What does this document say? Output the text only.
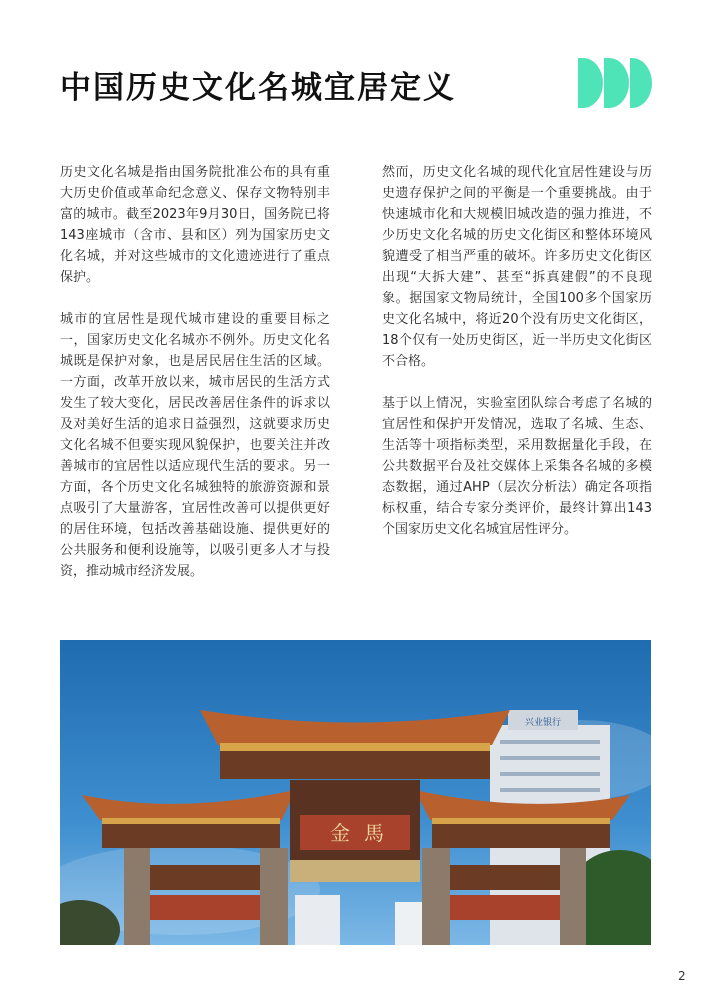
中国历史文化名城宜居定义

历史文化名城是指由国务院批准公布的具有重大历史价值或革命纪念意义、保存文物特别丰富的城市。截至2023年9月30日，国务院已将143座城市（含市、县和区）列为国家历史文化名城，并对这些城市的文化遗迹进行了重点保护。

城市的宜居性是现代城市建设的重要目标之一，国家历史文化名城亦不例外。历史文化名城既是保护对象，也是居民居住生活的区域。一方面，改革开放以来，城市居民的生活方式发生了较大变化，居民改善居住条件的诉求以及对美好生活的追求日益强烈，这就要求历史文化名城不但要实现风貌保护，也要关注并改善城市的宜居性以适应现代生活的要求。另一方面，各个历史文化名城独特的旅游资源和景点吸引了大量游客，宜居性改善可以提供更好的居住环境，包括改善基础设施、提供更好的公共服务和便利设施等，以吸引更多人才与投资，推动城市经济发展。

然而，历史文化名城的现代化宜居性建设与历史遗存保护之间的平衡是一个重要挑战。由于快速城市化和大规模旧城改造的强力推进，不少历史文化名城的历史文化街区和整体环境风貌遭受了相当严重的破坏。许多历史文化街区出现“大拆大建”、甚至“拆真建假”的不良现象。据国家文物局统计，全国100多个国家历史文化名城中，将近20个没有历史文化街区，18个仅有一处历史街区，近一半历史文化街区不合格。

基于以上情况，实验室团队综合考虑了名城的宜居性和保护开发情况，选取了名城、生态、生活等十项指标类型，采用数据量化手段，在公共数据平台及社交媒体上采集各名城的多模态数据，通过AHP（层次分析法）确定各项指标权重，结合专家分类评价，最终计算出143个国家历史文化名城宜居性评分。

兴业银行
金馬
2
